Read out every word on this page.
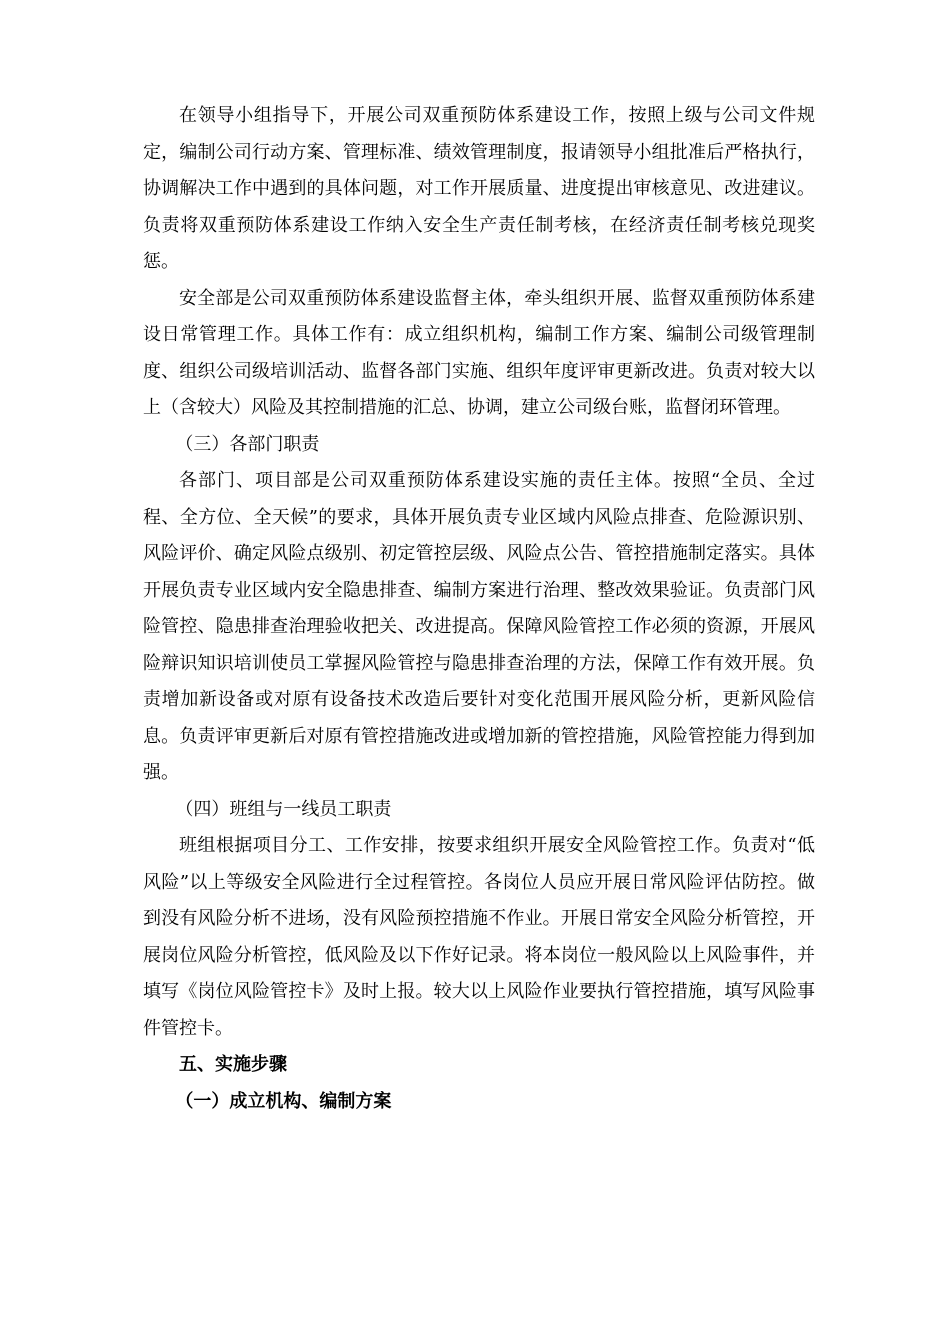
在领导小组指导下，开展公司双重预防体系建设工作，按照上级与公司文件规定，编制公司行动方案、管理标准、绩效管理制度，报请领导小组批准后严格执行，协调解决工作中遇到的具体问题，对工作开展质量、进度提出审核意见、改进建议。负责将双重预防体系建设工作纳入安全生产责任制考核，在经济责任制考核兑现奖惩。

安全部是公司双重预防体系建设监督主体，牵头组织开展、监督双重预防体系建设日常管理工作。具体工作有：成立组织机构，编制工作方案、编制公司级管理制度、组织公司级培训活动、监督各部门实施、组织年度评审更新改进。负责对较大以上（含较大）风险及其控制措施的汇总、协调，建立公司级台账，监督闭环管理。

（三）各部门职责

各部门、项目部是公司双重预防体系建设实施的责任主体。按照“全员、全过程、全方位、全天候”的要求，具体开展负责专业区域内风险点排查、危险源识别、风险评价、确定风险点级别、初定管控层级、风险点公告、管控措施制定落实。具体开展负责专业区域内安全隐患排查、编制方案进行治理、整改效果验证。负责部门风险管控、隐患排查治理验收把关、改进提高。保障风险管控工作必须的资源，开展风险辩识知识培训使员工掌握风险管控与隐患排查治理的方法，保障工作有效开展。负责增加新设备或对原有设备技术改造后要针对变化范围开展风险分析，更新风险信息。负责评审更新后对原有管控措施改进或增加新的管控措施，风险管控能力得到加强。

（四）班组与一线员工职责

班组根据项目分工、工作安排，按要求组织开展安全风险管控工作。负责对“低风险”以上等级安全风险进行全过程管控。各岗位人员应开展日常风险评估防控。做到没有风险分析不进场，没有风险预控措施不作业。开展日常安全风险分析管控，开展岗位风险分析管控，低风险及以下作好记录。将本岗位一般风险以上风险事件，并填写《岗位风险管控卡》及时上报。较大以上风险作业要执行管控措施，填写风险事件管控卡。

五、实施步骤

（一）成立机构、编制方案
